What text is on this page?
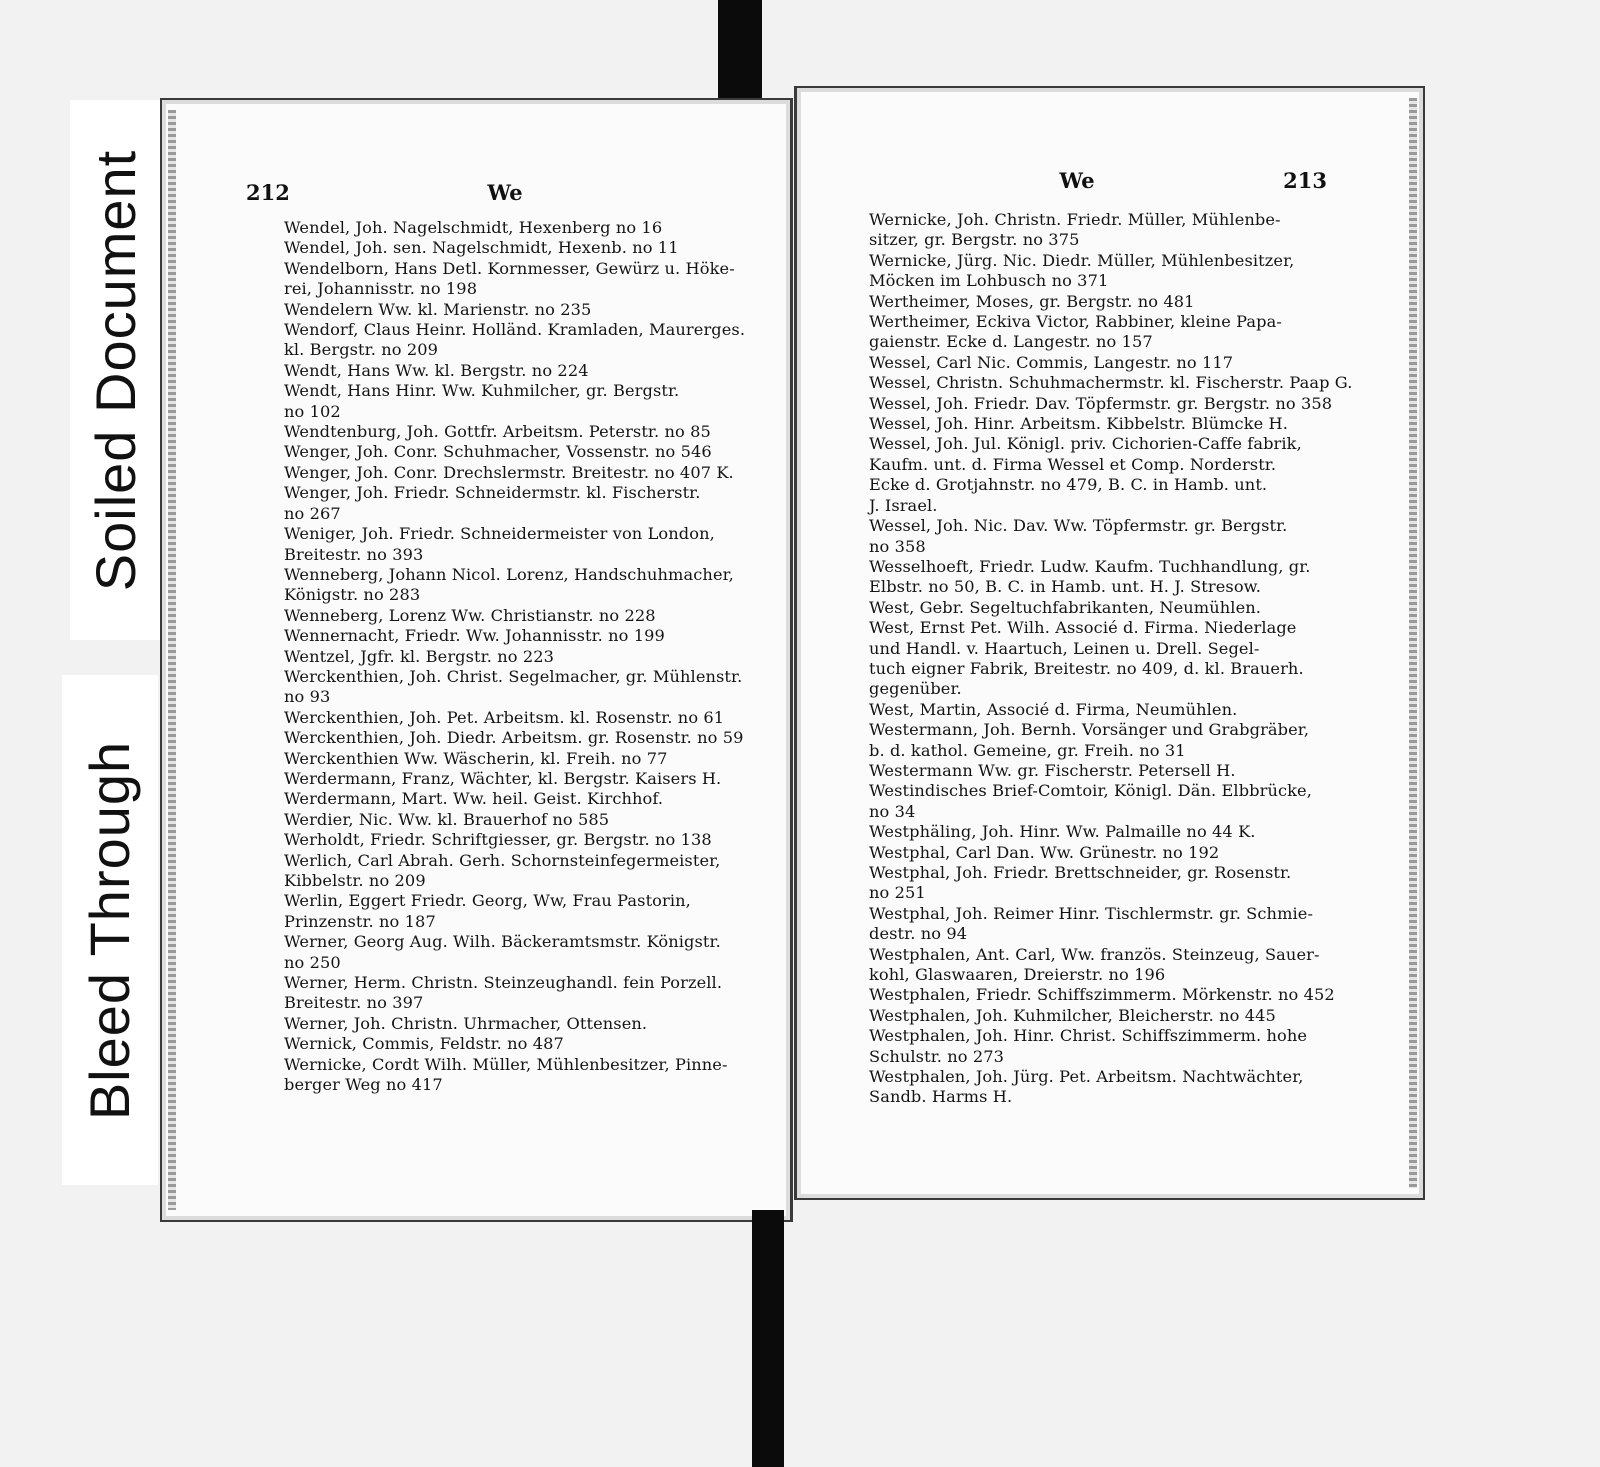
Soiled Document
Bleed Through
212	We
Wendel, Joh. Nagelschmidt, Hexenberg no 16
Wendel, Joh. sen. Nagelschmidt, Hexenb. no 11
Wendelborn, Hans Detl. Kornmesser, Gewürz u. Höke-
rei, Johannisstr. no 198
Wendelern Ww. kl. Marienstr. no 235
Wendorf, Claus Heinr. Holländ. Kramladen, Maurerges.
kl. Bergstr. no 209
Wendt, Hans Ww. kl. Bergstr. no 224
Wendt, Hans Hinr. Ww. Kuhmilcher, gr. Bergstr.
no 102
Wendtenburg, Joh. Gottfr. Arbeitsm. Peterstr. no 85
Wenger, Joh. Conr. Schuhmacher, Vossenstr. no 546
Wenger, Joh. Conr. Drechslermstr. Breitestr. no 407 K.
Wenger, Joh. Friedr. Schneidermstr. kl. Fischerstr.
no 267
Weniger, Joh. Friedr. Schneidermeister von London,
Breitestr. no 393
Wenneberg, Johann Nicol. Lorenz, Handschuhmacher,
Königstr. no 283
Wenneberg, Lorenz Ww. Christianstr. no 228
Wennernacht, Friedr. Ww. Johannisstr. no 199
Wentzel, Jgfr. kl. Bergstr. no 223
Werckenthien, Joh. Christ. Segelmacher, gr. Mühlenstr.
no 93
Werckenthien, Joh. Pet. Arbeitsm. kl. Rosenstr. no 61
Werckenthien, Joh. Diedr. Arbeitsm. gr. Rosenstr. no 59
Werckenthien Ww. Wäscherin, kl. Freih. no 77
Werdermann, Franz, Wächter, kl. Bergstr. Kaisers H.
Werdermann, Mart. Ww. heil. Geist. Kirchhof.
Werdier, Nic. Ww. kl. Brauerhof no 585
Werholdt, Friedr. Schriftgiesser, gr. Bergstr. no 138
Werlich, Carl Abrah. Gerh. Schornsteinfegermeister,
Kibbelstr. no 209
Werlin, Eggert Friedr. Georg, Ww, Frau Pastorin,
Prinzenstr. no 187
Werner, Georg Aug. Wilh. Bäckeramtsmstr. Königstr.
no 250
Werner, Herm. Christn. Steinzeughandl. fein Porzell.
Breitestr. no 397
Werner, Joh. Christn. Uhrmacher, Ottensen.
Wernick, Commis, Feldstr. no 487
Wernicke, Cordt Wilh. Müller, Mühlenbesitzer, Pinne-
berger Weg no 417
We	213
Wernicke, Joh. Christn. Friedr. Müller, Mühlenbe-
sitzer, gr. Bergstr. no 375
Wernicke, Jürg. Nic. Diedr. Müller, Mühlenbesitzer,
Möcken im Lohbusch no 371
Wertheimer, Moses, gr. Bergstr. no 481
Wertheimer, Eckiva Victor, Rabbiner, kleine Papa-
gaienstr. Ecke d. Langestr. no 157
Wessel, Carl Nic. Commis, Langestr. no 117
Wessel, Christn. Schuhmachermstr. kl. Fischerstr. Paap G.
Wessel, Joh. Friedr. Dav. Töpfermstr. gr. Bergstr. no 358
Wessel, Joh. Hinr. Arbeitsm. Kibbelstr. Blümcke H.
Wessel, Joh. Jul. Königl. priv. Cichorien-Caffe fabrik,
Kaufm. unt. d. Firma Wessel et Comp. Norderstr.
Ecke d. Grotjahnstr. no 479, B. C. in Hamb. unt.
J. Israel.
Wessel, Joh. Nic. Dav. Ww. Töpfermstr. gr. Bergstr.
no 358
Wesselhoeft, Friedr. Ludw. Kaufm. Tuchhandlung, gr.
Elbstr. no 50, B. C. in Hamb. unt. H. J. Stresow.
West, Gebr. Segeltuchfabrikanten, Neumühlen.
West, Ernst Pet. Wilh. Associé d. Firma. Niederlage
und Handl. v. Haartuch, Leinen u. Drell. Segel-
tuch eigner Fabrik, Breitestr. no 409, d. kl. Brauerh.
gegenüber.
West, Martin, Associé d. Firma, Neumühlen.
Westermann, Joh. Bernh. Vorsänger und Grabgräber,
b. d. kathol. Gemeine, gr. Freih. no 31
Westermann Ww. gr. Fischerstr. Petersell H.
Westindisches Brief-Comtoir, Königl. Dän. Elbbrücke,
no 34
Westphäling, Joh. Hinr. Ww. Palmaille no 44 K.
Westphal, Carl Dan. Ww. Grünestr. no 192
Westphal, Joh. Friedr. Brettschneider, gr. Rosenstr.
no 251
Westphal, Joh. Reimer Hinr. Tischlermstr. gr. Schmie-
destr. no 94
Westphalen, Ant. Carl, Ww. französ. Steinzeug, Sauer-
kohl, Glaswaaren, Dreierstr. no 196
Westphalen, Friedr. Schiffszimmerm. Mörkenstr. no 452
Westphalen, Joh. Kuhmilcher, Bleicherstr. no 445
Westphalen, Joh. Hinr. Christ. Schiffszimmerm. hohe
Schulstr. no 273
Westphalen, Joh. Jürg. Pet. Arbeitsm. Nachtwächter,
Sandb. Harms H.
